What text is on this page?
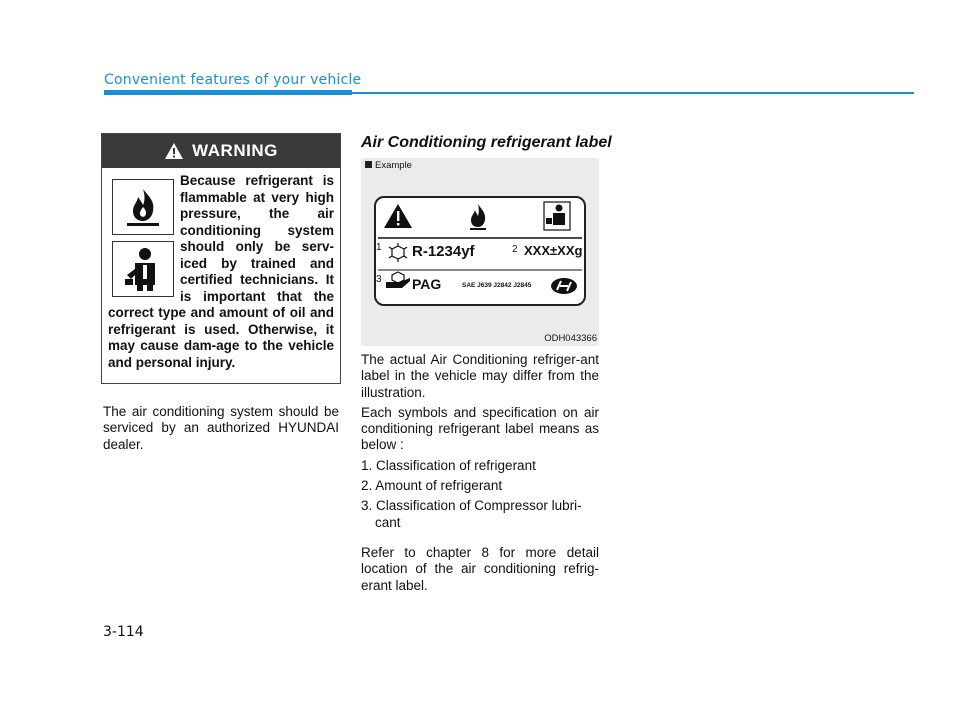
Convenient features of your vehicle
WARNING
Because refrigerant is flammable at very high pressure, the air conditioning system should only be serv-iced by trained and certified technicians. It is important that the correct type and amount of oil and refrigerant is used. Otherwise, it may cause dam-age to the vehicle and personal injury.
The air conditioning system should be serviced by an authorized HYUNDAI dealer.
Air Conditioning refrigerant label
Example
1 R-1234yf	2 XXX±XXg
3 PAG	SAE J639 J2842 J2845
ODH043366

The actual Air Conditioning refriger-ant label in the vehicle may differ from the illustration.

Each symbols and specification on air conditioning refrigerant label means as below :

1. Classification of refrigerant
2. Amount of refrigerant
3. Classification of Compressor lubri-cant

Refer to chapter 8 for more detail location of the air conditioning refrig-erant label.

3-114
